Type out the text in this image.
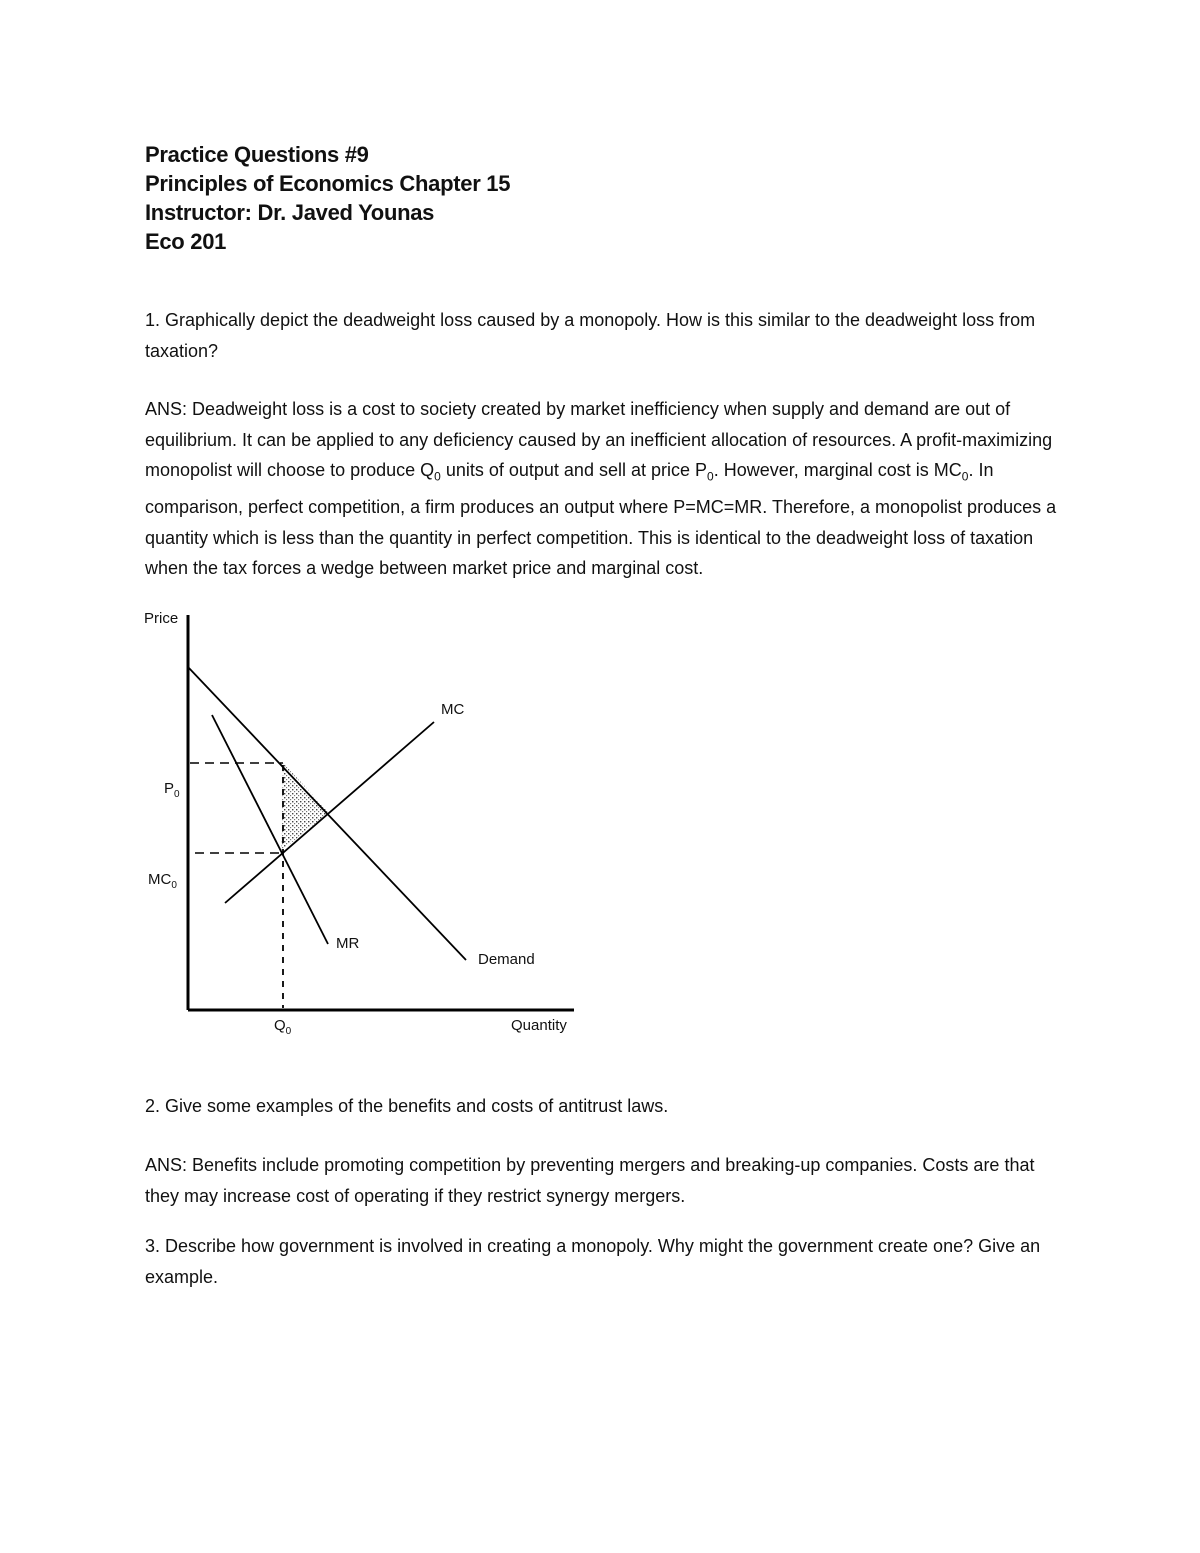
Practice Questions #9
Principles of Economics Chapter 15
Instructor: Dr. Javed Younas
Eco 201

1. Graphically depict the deadweight loss caused by a monopoly. How is this similar to the deadweight loss from taxation?

ANS: Deadweight loss is a cost to society created by market inefficiency when supply and demand are out of equilibrium. It can be applied to any deficiency caused by an inefficient allocation of resources. A profit-maximizing monopolist will choose to produce $Q_0$ units of output and sell at price $P_0$. However, marginal cost is $MC_0$. In comparison, perfect competition, a firm produces an output where P=MC=MR. Therefore, a monopolist produces a quantity which is less than the quantity in perfect competition. This is identical to the deadweight loss of taxation when the tax forces a wedge between market price and marginal cost.

Price
Quantity
$P_0$
$MC_0$
$Q_0$
MC
MR
Demand

2. Give some examples of the benefits and costs of antitrust laws.

ANS: Benefits include promoting competition by preventing mergers and breaking-up companies. Costs are that they may increase cost of operating if they restrict synergy mergers.

3. Describe how government is involved in creating a monopoly. Why might the government create one? Give an example.
